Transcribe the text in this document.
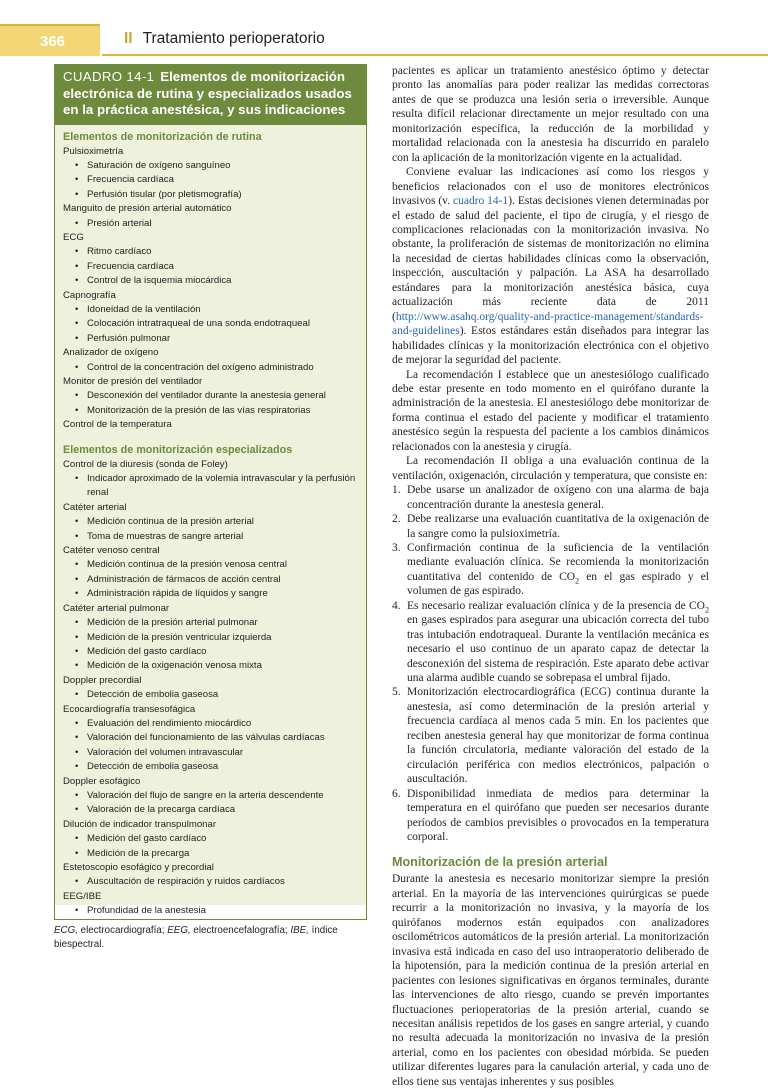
366	II Tratamiento perioperatorio
CUADRO 14-1 Elementos de monitorización electrónica de rutina y especializados usados en la práctica anestésica, y sus indicaciones
Elementos de monitorización de rutina
Pulsioximetría
• Saturación de oxígeno sanguíneo
• Frecuencia cardíaca
• Perfusión tisular (por pletismografía)
Manguito de presión arterial automático
• Presión arterial
ECG
• Ritmo cardíaco
• Frecuencia cardíaca
• Control de la isquemia miocárdica
Capnografía
• Idoneidad de la ventilación
• Colocación intratraqueal de una sonda endotraqueal
• Perfusión pulmonar
Analizador de oxígeno
• Control de la concentración del oxígeno administrado
Monitor de presión del ventilador
• Desconexión del ventilador durante la anestesia general
• Monitorización de la presión de las vías respiratorias
Control de la temperatura
Elementos de monitorización especializados
Control de la diuresis (sonda de Foley)
• Indicador aproximado de la volemia intravascular y la perfusión renal
Catéter arterial
• Medición continua de la presión arterial
• Toma de muestras de sangre arterial
Catéter venoso central
• Medición continua de la presión venosa central
• Administración de fármacos de acción central
• Administración rápida de líquidos y sangre
Catéter arterial pulmonar
• Medición de la presión arterial pulmonar
• Medición de la presión ventricular izquierda
• Medición del gasto cardíaco
• Medición de la oxigenación venosa mixta
Doppler precordial
• Detección de embolia gaseosa
Ecocardiografía transesofágica
• Evaluación del rendimiento miocárdico
• Valoración del funcionamiento de las válvulas cardíacas
• Valoración del volumen intravascular
• Detección de embolia gaseosa
Doppler esofágico
• Valoración del flujo de sangre en la arteria descendente
• Valoración de la precarga cardíaca
Dilución de indicador transpulmonar
• Medición del gasto cardíaco
• Medición de la precarga
Estetoscopio esofágico y precordial
• Auscultación de respiración y ruidos cardíacos
EEG/IBE
• Profundidad de la anestesia
ECG, electrocardiografía; EEG, electroencefalografía; IBE, índice biespectral.

pacientes es aplicar un tratamiento anestésico óptimo y detectar pronto las anomalías para poder realizar las medidas correctoras antes de que se produzca una lesión seria o irreversible. Aunque resulta difícil relacionar directamente un mejor resultado con una monitorización específica, la reducción de la morbilidad y mortalidad relacionada con la anestesia ha discurrido en paralelo con la aplicación de la monitorización vigente en la actualidad.

Conviene evaluar las indicaciones así como los riesgos y beneficios relacionados con el uso de monitores electrónicos invasivos (v. cuadro 14-1). Estas decisiones vienen determinadas por el estado de salud del paciente, el tipo de cirugía, y el riesgo de complicaciones relacionadas con la monitorización invasiva. No obstante, la proliferación de sistemas de monitorización no elimina la necesidad de ciertas habilidades clínicas como la observación, inspección, auscultación y palpación. La ASA ha desarrollado estándares para la monitorización anestésica básica, cuya actualización más reciente data de 2011 (http://www.asahq.org/quality-and-practice-management/standards-and-guidelines). Estos estándares están diseñados para integrar las habilidades clínicas y la monitorización electrónica con el objetivo de mejorar la seguridad del paciente.

La recomendación I establece que un anestesiólogo cualificado debe estar presente en todo momento en el quirófano durante la administración de la anestesia. El anestesiólogo debe monitorizar de forma continua el estado del paciente y modificar el tratamiento anestésico según la respuesta del paciente a los cambios dinámicos relacionados con la anestesia y cirugía.

La recomendación II obliga a una evaluación continua de la ventilación, oxigenación, circulación y temperatura, que consiste en:

1. Debe usarse un analizador de oxígeno con una alarma de baja concentración durante la anestesia general.
2. Debe realizarse una evaluación cuantitativa de la oxigenación de la sangre como la pulsioximetría.
3. Confirmación continua de la suficiencia de la ventilación mediante evaluación clínica. Se recomienda la monitorización cuantitativa del contenido de $CO_2$ en el gas espirado y el volumen de gas espirado.
4. Es necesario realizar evaluación clínica y de la presencia de $CO_2$ en gases espirados para asegurar una ubicación correcta del tubo tras intubación endotraqueal. Durante la ventilación mecánica es necesario el uso continuo de un aparato capaz de detectar la desconexión del sistema de respiración. Este aparato debe activar una alarma audible cuando se sobrepasa el umbral fijado.
5. Monitorización electrocardiográfica (ECG) continua durante la anestesia, así como determinación de la presión arterial y frecuencia cardíaca al menos cada 5 min. En los pacientes que reciben anestesia general hay que monitorizar de forma continua la función circulatoria, mediante valoración del estado de la circulación periférica con medios electrónicos, palpación o auscultación.
6. Disponibilidad inmediata de medios para determinar la temperatura en el quirófano que pueden ser necesarios durante períodos de cambios previsibles o provocados en la temperatura corporal.
Monitorización de la presión arterial

Durante la anestesia es necesario monitorizar siempre la presión arterial. En la mayoría de las intervenciones quirúrgicas se puede recurrir a la monitorización no invasiva, y la mayoría de los quirófanos modernos están equipados con analizadores oscilométricos automáticos de la presión arterial. La monitorización invasiva está indicada en caso del uso intraoperatorio deliberado de la hipotensión, para la medición continua de la presión arterial en pacientes con lesiones significativas en órganos terminales, durante las intervenciones de alto riesgo, cuando se prevén importantes fluctuaciones perioperatorias de la presión arterial, cuando se necesitan análisis repetidos de los gases en sangre arterial, y cuando no resulta adecuada la monitorización no invasiva de la presión arterial, como en los pacientes con obesidad mórbida. Se pueden utilizar diferentes lugares para la canulación arterial, y cada uno de ellos tiene sus ventajas inherentes y sus posibles
